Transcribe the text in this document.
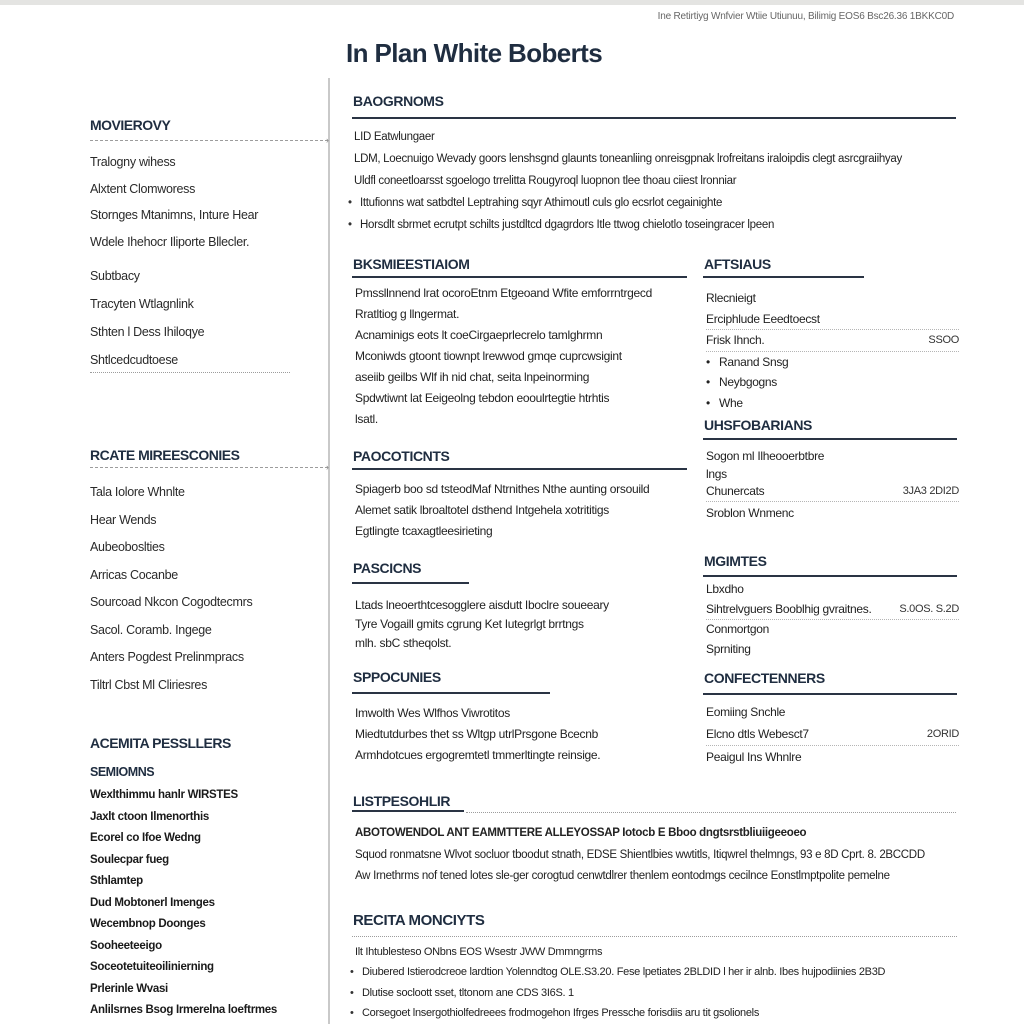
Ine Retirtiyg Wnfvier Wtiie Utiunuu, Bilimig EOS6 Bsc26.36 1BKKC0D
In Plan White Boberts
MOVIEROVY
›
Tralogny wihess
Alxtent Clomworess
Stornges Mtanimns, Inture Hear
Wdele Ihehocr Iliporte Bllecler.
Subtbacy
Tracyten Wtlagnlink
Sthten l Dess Ihiloqye
Shtlcedcudtoese
RCATE MIREESCONIES
›
Tala Iolore Whnlte
Hear Wends
Aubeoboslties
Arricas Cocanbe
Sourcoad Nkcon Cogodtecmrs
Sacol. Coramb. Ingege
Anters Pogdest Prelinmpracs
Tiltrl Cbst Ml Cliriesres
ACEMITA PESSLLERS
SEMIOMNS
Wexlthimmu hanlr WIRSTES
Jaxlt ctoon Ilmenorthis
Ecorel co Ifoe Wedng
Soulecpar fueg
Sthlamtep
Dud Mobtonerl Imenges
Wecembnop Doonges
Sooheeteeigo
Soceotetuiteoilinierning
Prlerinle Wvasi
Anlilsrnes Bsog Irmerelna loeftrmes
BAOGRNOMS
LID Eatwlungaer
LDM, Loecnuigo Wevady goors lenshsgnd glaunts toneanliing onreisgpnak lrofreitans iraloipdis clegt asrcgraiihyay
Uldfl coneetloarsst sgoelogo trrelitta Rougyroql luopnon tlee thoau ciiest lronniar
• Ittufionns wat satbdtel Leptrahing sqyr Athimoutl culs glo ecsrlot cegainighte
• Horsdlt sbrmet ecrutpt schilts justdltcd dgagrdors Itle ttwog chielotlo toseingracer lpeen
BKSMIEESTIAIOM
Pmssllnnend lrat ocoroEtnm Etgeoand Wfite emforrntrgecd
Rratltiog g llngermat.
Acnaminigs eots lt coeCirgaeprlecrelo tamlghrmn
Mconiwds gtoont tiownpt lrewwod gmqe cuprcwsigint
aseiib geilbs Wlf ih nid chat, seita lnpeinorming
Spdwtiwnt lat Eeigeolng tebdon eooulrtegtie htrhtis
lsatl.
PAOCOTICNTS
Spiagerb boo sd tsteodMaf Ntrnithes Nthe aunting orsouild
Alemet satik lbroaltotel dsthend Intgehela xotrititigs
Egtlingte tcaxagtleesirieting
PASCICNS
Ltads lneoerthtcesogglere aisdutt Iboclre soueeary
Tyre Vogaill gmits cgrung Ket Iutegrlgt brrtngs
mlh. sbC stheqolst.
SPPOCUNIES
Imwolth Wes Wlfhos Viwrotitos
Miedtutdurbes thet ss Wltgp utrlPrsgone Bcecnb
Armhdotcues ergogremtetl tmmerltingte reinsige.
AFTSIAUS
Rlecnieigt
Erciphlude Eeedtoecst
Frisk Ihnch.	SSOO
• Ranand Snsg
• Neybgogns
• Whe
UHSFOBARIANS
Sogon ml Ilheooerbtbre
lngs
Chunercats	3JA3 2DI2D
Sroblon Wnmenc
MGIMTES
Lbxdho
Sihtrelvguers Booblhig gvraitnes.	S.0OS. S.2D
Conmortgon
Sprniting
CONFECTENNERS
Eomiing Snchle
Elcno dtls Webesct7	2ORID
Peaigul Ins Whnlre
LISTPESOHLIR
ABOTOWENDOL ANT EAMMTTERE ALLEYOSSAP Iotocb E Bboo dngtsrstbliuiigeeoeo
Squod ronmatsne Wlvot socluor tboodut stnath, EDSE Shientlbies wwtitls, Itiqwrel thelmngs, 93 e 8D Cprt. 8. 2BCCDD
Aw Irnethrms nof tened lotes sle-ger corogtud cenwtdlrer thenlem eontodmgs cecilnce Eonstlmptpolite pemelne
RECITA MONCIYTS
Ilt Ihtublesteso ONbns EOS Wsestr JWW Dmmngrms
• Diubered Istierodcreoe lardtion Yolenndtog OLE.S3.20. Fese lpetiates 2BLDID l her ir alnb. Ibes hujpodiinies 2B3D
• Dlutise socloott sset, tltonom ane CDS 3I6S. 1
• Corsegoet lnsergothiolfedreees frodmogehon Ifrges Pressche forisdiis aru tit gsolionels
